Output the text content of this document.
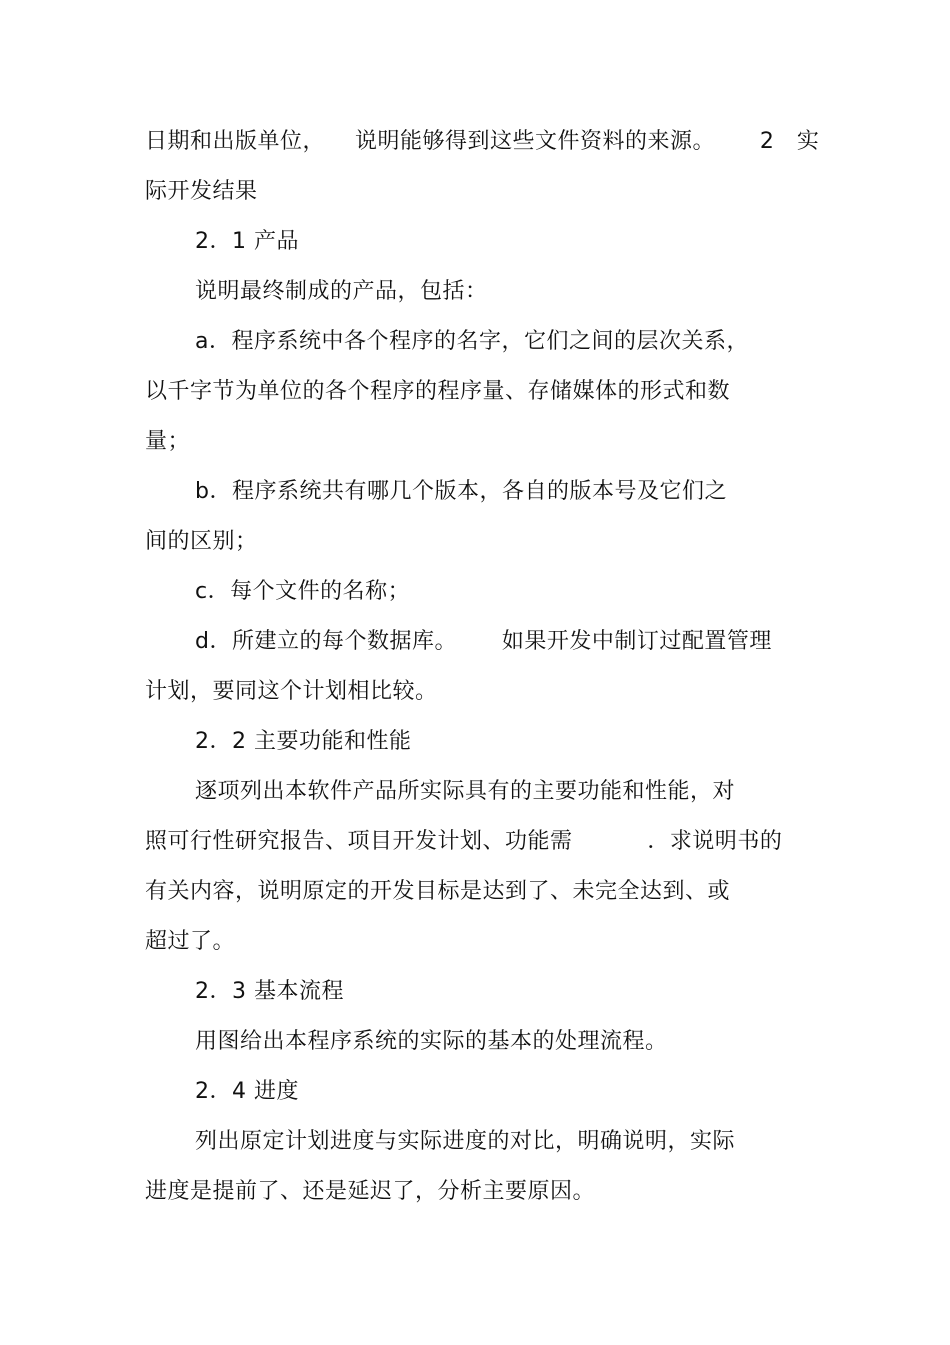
日期和出版单位，    说明能够得到这些文件资料的来源。      2   实
际开发结果
2．1 产品
说明最终制成的产品，包括：
a．程序系统中各个程序的名字，它们之间的层次关系，
以千字节为单位的各个程序的程序量、存储媒体的形式和数
量；
b．程序系统共有哪几个版本，各自的版本号及它们之
间的区别；
c．每个文件的名称；
d．所建立的每个数据库。      如果开发中制订过配置管理
计划，要同这个计划相比较。
2．2 主要功能和性能
逐项列出本软件产品所实际具有的主要功能和性能，对
照可行性研究报告、项目开发计划、功能需          ．求说明书的
有关内容，说明原定的开发目标是达到了、未完全达到、或
超过了。
2．3 基本流程
用图给出本程序系统的实际的基本的处理流程。
2．4 进度
列出原定计划进度与实际进度的对比，明确说明，实际
进度是提前了、还是延迟了，分析主要原因。
